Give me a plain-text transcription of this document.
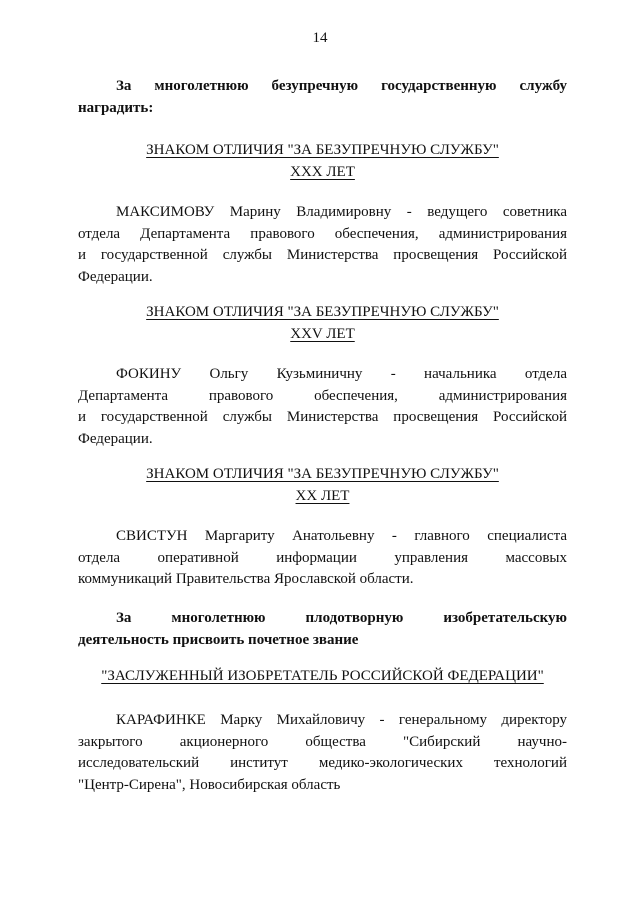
14
За многолетнюю безупречную государственную службу
наградить:
ЗНАКОМ ОТЛИЧИЯ "ЗА БЕЗУПРЕЧНУЮ СЛУЖБУ"
XXX ЛЕТ
МАКСИМОВУ Марину Владимировну - ведущего советника
отдела Департамента правового обеспечения, администрирования
и государственной службы Министерства просвещения Российской
Федерации.
ЗНАКОМ ОТЛИЧИЯ "ЗА БЕЗУПРЕЧНУЮ СЛУЖБУ"
XXV ЛЕТ
ФОКИНУ Ольгу Кузьминичну - начальника отдела
Департамента правового обеспечения, администрирования
и государственной службы Министерства просвещения Российской
Федерации.
ЗНАКОМ ОТЛИЧИЯ "ЗА БЕЗУПРЕЧНУЮ СЛУЖБУ"
XX ЛЕТ
СВИСТУН Маргариту Анатольевну - главного специалиста
отдела оперативной информации управления массовых
коммуникаций Правительства Ярославской области.
За многолетнюю плодотворную изобретательскую
деятельность присвоить почетное звание
"ЗАСЛУЖЕННЫЙ ИЗОБРЕТАТЕЛЬ РОССИЙСКОЙ ФЕДЕРАЦИИ"
КАРАФИНКЕ Марку Михайловичу - генеральному директору
закрытого акционерного общества "Сибирский научно-
исследовательский институт медико-экологических технологий
"Центр-Сирена", Новосибирская область
